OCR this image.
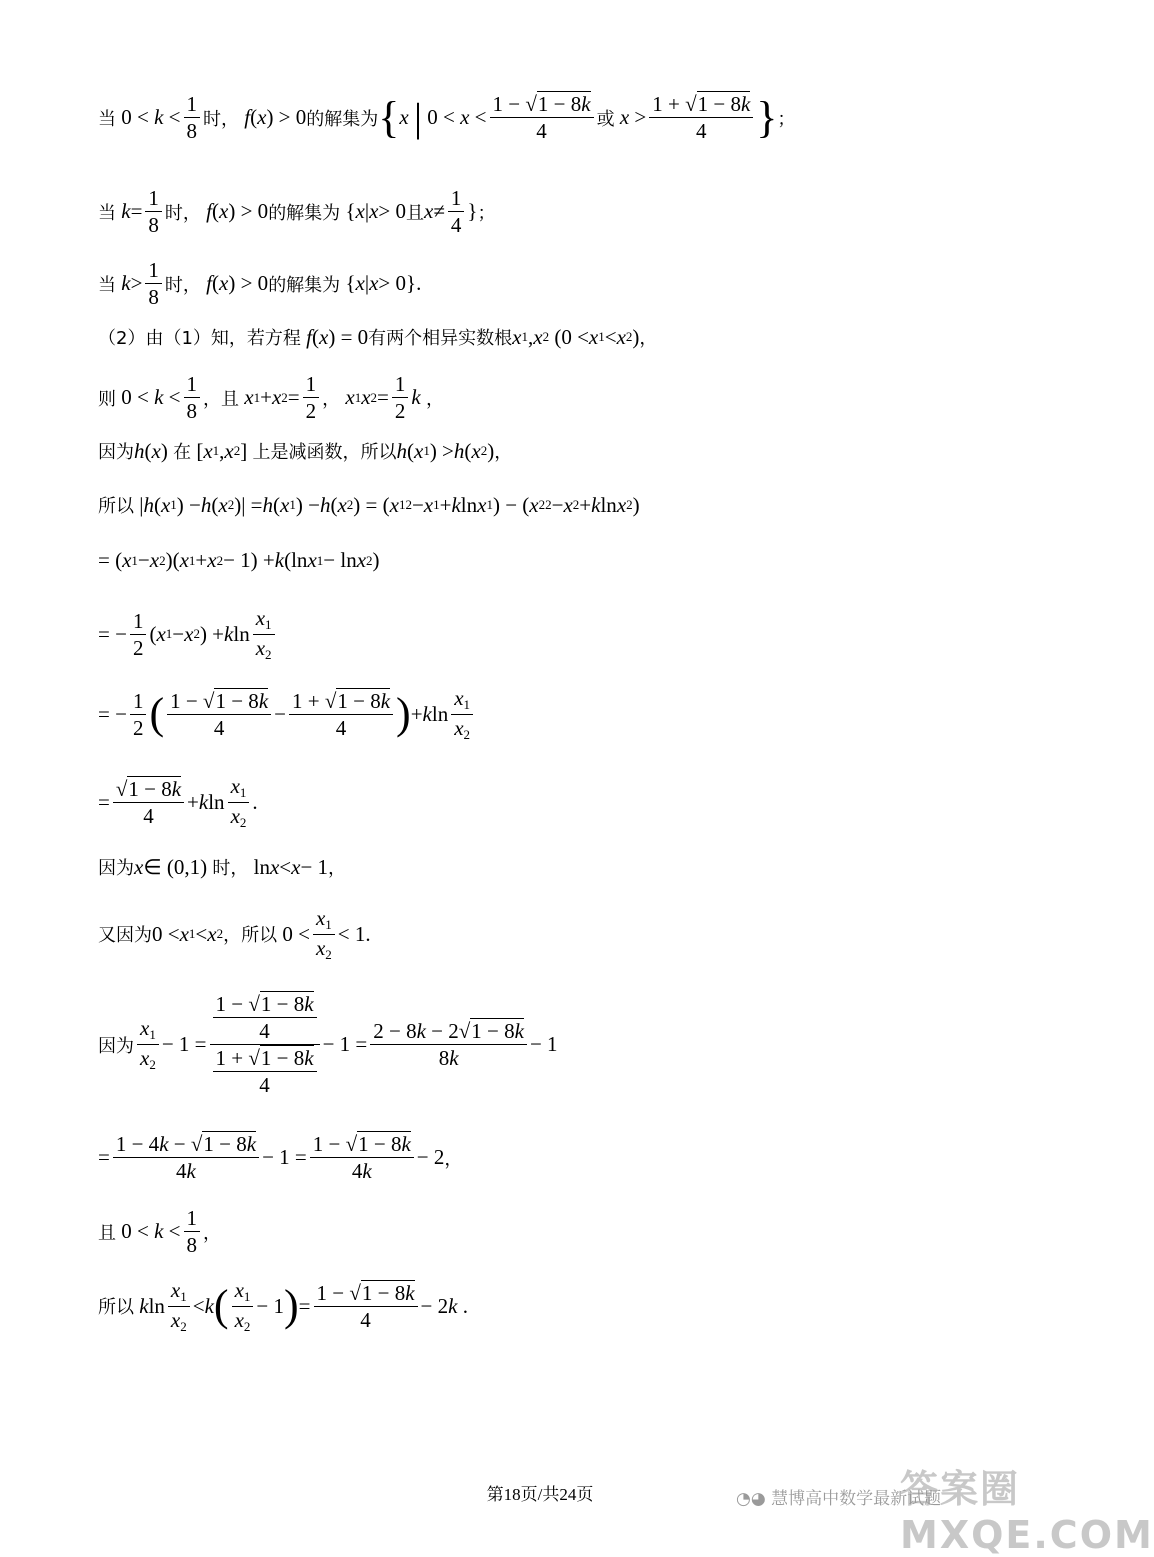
当 $0 < k < \frac{1}{8}$ 时，
f ( x ) > 0 的解集为 { x
| $0 < x < \frac{1 - √1 - 8k}{4}$ 或 $x > \frac{1 + √1 - 8k}{4}$ } ；
当
$k = \frac{1}{8}$ 时，
f ( x ) > 0 的解集为 { x | x > 0 且 $x \ne \frac{1}{4}$ } ；
当
$k > \frac{1}{8}$ 时，
f ( x ) > 0 的解集为 { x | x > 0}.
（2）由（1）知，若方程
f ( x ) = 0 有两个相异实数根 x 1 , x 2 (0 < x 1 < x 2 ) ，
则 $0 < k < \frac{1}{8}$ ，且
x 1 + x $2 = \frac{1}{2}$ ，
x 1 x $2 = \frac{1}{2}$ k
，
因为 h ( x ) 在 [ x 1 , x 2 ] 上是减函数，所以 h ( x 1 ) > h ( x 2 ) ，
所以 | h ( x 1 ) − h ( x 2 )| = h ( x 1 ) − h ( x 2 ) = ( x 1 2 − x 1 + k ln x 1 ) − ( x 2 2 − x 2 + k ln x 2 )
= ( x 1 − x 2 )( x 1 + x 2 − 1) + k (ln x 1 − ln x 2 )
= − $\frac{1}{2}$ ( x 1 − x 2 ) + k $\ln \frac{x_1}{x_2}$
= − $\frac{1}{2}$ ( $\frac{1 - √1 - 8k}{4} - \frac{1 + √1 - 8k}{4}$ ) + k $\ln \frac{x_1}{x_2}$
= $\frac{√1 - 8k}{4} + k$ $\ln \frac{x_1}{x_2}$ .
因为 x ∈ (0,1) 时， ln x < x − 1 ，
又因为 0 < x 1 < x 2 ，所以 $0 < \frac{x_1}{x_2} < 1$.
因为 $\frac{x_1}{x_2} - 1 = \frac{\frac{1 - √1 - 8k}{4}}{\frac{1 + √1 - 8k}{4}} - 1 = \frac{2 - 8k - 2√1 - 8k}{8k} - 1$
= $\frac{1 - 4k - √1 - 8k}{4k} - 1 = \frac{1 - √1 - 8k}{4k} - 2$ ，
且 $0 < k < \frac{1}{8}$ ，
所以
k $\ln \frac{x_1}{x_2} < k$ ( $\frac{x_1}{x_2} - 1$ ) = $\frac{1 - √1 - 8k}{4} - 2$ k .
答案圈 MXQE.COM
◔◕ 慧博高中数学最新试题
第18页/共24页
